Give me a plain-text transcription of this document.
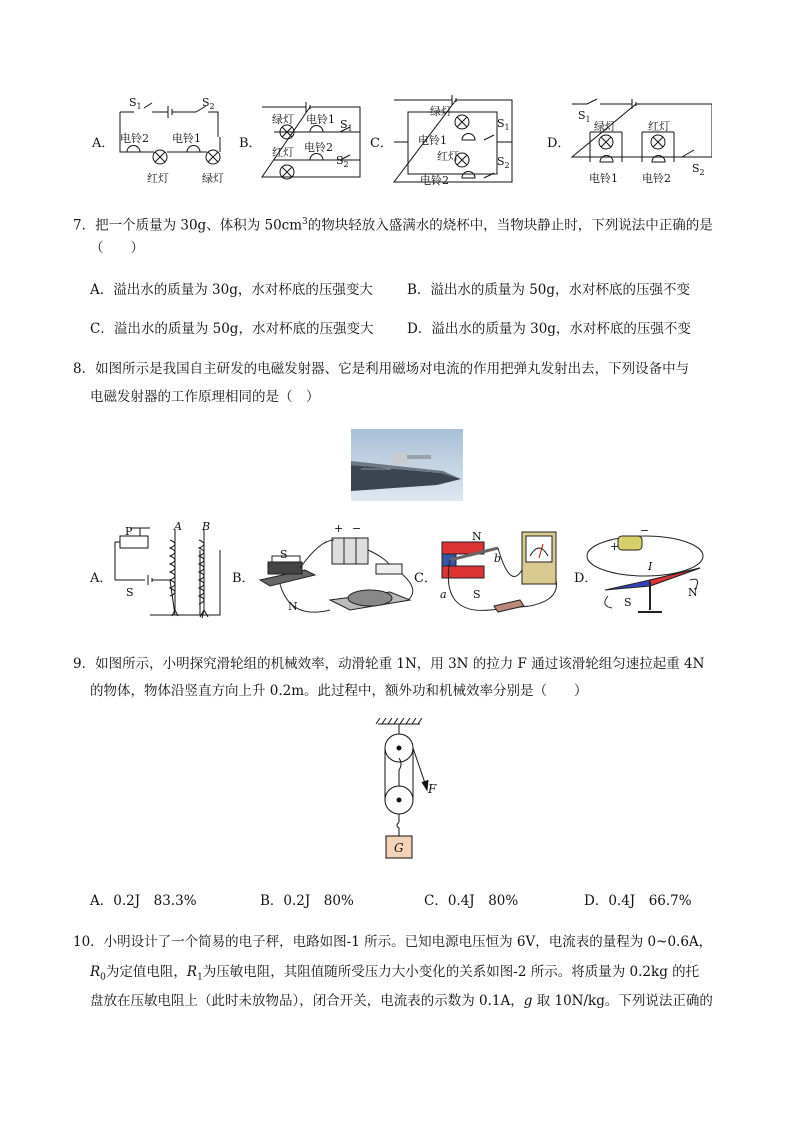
A．
$S_1$	$S_2$
电铃2 电铃1
红灯	绿灯
B．
绿灯 电铃1 $S_1$
红灯 电铃2
$S_2$
C．
绿灯
电铃1
$S_1$
红灯
电铃2
$S_2$
D．
$S_1$
绿灯	红灯
电铃1 电铃2
$S_2$
7．把一个质量为 30g、体积为 $50cm^3$的物块轻放入盛满水的烧杯中，当物块静止时，下列说法中正确的是
（　　）
A．溢出水的质量为 30g，水对杯底的压强变大	B．溢出水的质量为 50g，水对杯底的压强不变
C．溢出水的质量为 50g，水对杯底的压强变大 D．溢出水的质量为 30g，水对杯底的压强不变
8．如图所示是我国自主研发的电磁发射器、它是利用磁场对电流的作用把弹丸发射出去，下列设备中与
电磁发射器的工作原理相同的是（　）
A．
P	A B
S
B．
+ −
S
N
C．
N
S
a
b
D．
+
−
I
S
N
9．如图所示，小明探究滑轮组的机械效率，动滑轮重 1N，用 3N 的拉力 F 通过该滑轮组匀速拉起重 4N
的物体，物体沿竖直方向上升 0.2m。此过程中，额外功和机械效率分别是（　　）
F
G
A．0.2J　83.3%	B．0.2J　80%	C．0.4J　80%	D．0.4J　66.7%
10．小明设计了一个简易的电子秤，电路如图-1 所示。已知电源电压恒为 6V，电流表的量程为 0~0.6A，
$R_0$为定值电阻，$R_1$为压敏电阻，其阻值随所受压力大小变化的关系如图-2 所示。将质量为 0.2kg 的托
盘放在压敏电阻上（此时未放物品），闭合开关，电流表的示数为 0.1A，g 取 10N/kg。下列说法正确的
